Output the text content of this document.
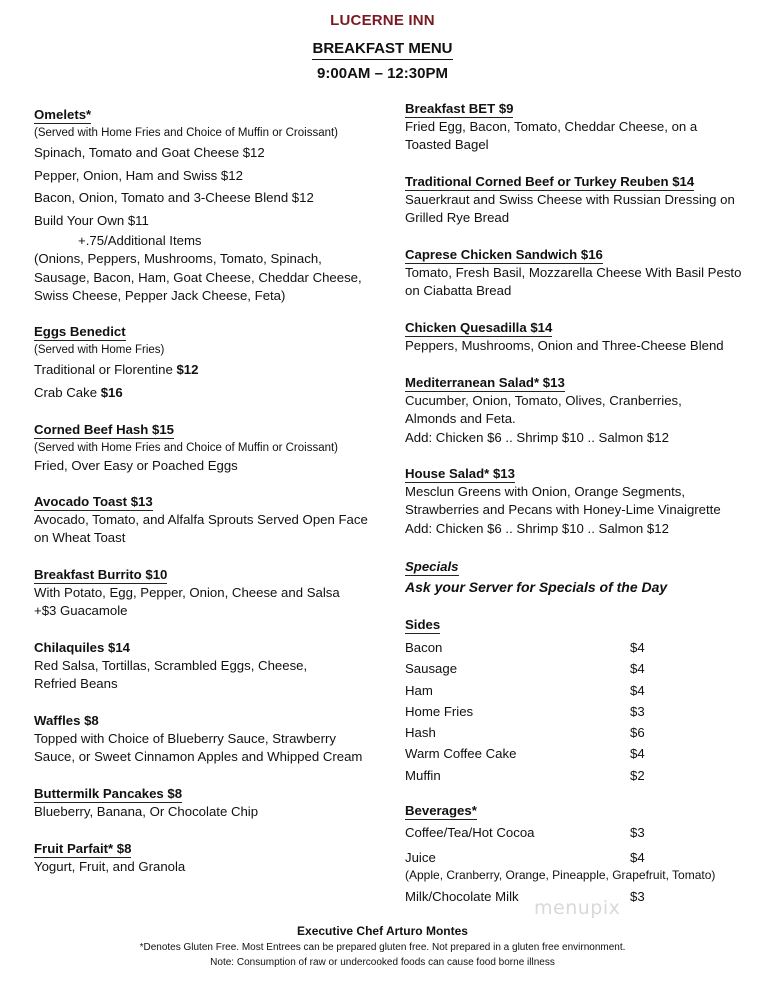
LUCERNE INN
BREAKFAST MENU
9:00AM – 12:30PM
Omelets*
(Served with Home Fries and Choice of Muffin or Croissant)
Spinach, Tomato and Goat Cheese $12
Pepper, Onion, Ham and Swiss $12
Bacon, Onion, Tomato and 3-Cheese Blend $12
Build Your Own $11
+.75/Additional Items
(Onions, Peppers, Mushrooms, Tomato, Spinach,
Sausage, Bacon, Ham, Goat Cheese, Cheddar Cheese,
Swiss Cheese, Pepper Jack Cheese, Feta)
Eggs Benedict
(Served with Home Fries)
Traditional or Florentine $12
Crab Cake $16
Corned Beef Hash $15
(Served with Home Fries and Choice of Muffin or Croissant)
Fried, Over Easy or Poached Eggs
Avocado Toast $13
Avocado, Tomato, and Alfalfa Sprouts Served Open Face
on Wheat Toast
Breakfast Burrito $10
With Potato, Egg, Pepper, Onion, Cheese and Salsa
+$3 Guacamole
Chilaquiles $14
Red Salsa, Tortillas, Scrambled Eggs, Cheese,
Refried Beans
Waffles $8
Topped with Choice of Blueberry Sauce, Strawberry
Sauce, or Sweet Cinnamon Apples and Whipped Cream
Buttermilk Pancakes $8
Blueberry, Banana, Or Chocolate Chip
Fruit Parfait* $8
Yogurt, Fruit, and Granola
Breakfast BET $9
Fried Egg, Bacon, Tomato, Cheddar Cheese, on a
Toasted Bagel
Traditional Corned Beef or Turkey Reuben $14
Sauerkraut and Swiss Cheese with Russian Dressing on
Grilled Rye Bread
Caprese Chicken Sandwich $16
Tomato, Fresh Basil, Mozzarella Cheese With Basil Pesto
on Ciabatta Bread
Chicken Quesadilla $14
Peppers, Mushrooms, Onion and Three-Cheese Blend
Mediterranean Salad* $13
Cucumber, Onion, Tomato, Olives, Cranberries,
Almonds and Feta.
Add: Chicken $6 .. Shrimp $10 .. Salmon $12
House Salad* $13
Mesclun Greens with Onion, Orange Segments,
Strawberries and Pecans with Honey-Lime Vinaigrette
Add: Chicken $6 .. Shrimp $10 .. Salmon $12
Specials
Ask your Server for Specials of the Day
Sides
Bacon	$4
Sausage	$4
Ham	$4
Home Fries	$3
Hash	$6
Warm Coffee Cake	$4
Muffin	$2
Beverages*
Coffee/Tea/Hot Cocoa	$3
Juice	$4
(Apple, Cranberry, Orange, Pineapple, Grapefruit, Tomato)
Milk/Chocolate Milk	$3
menupix
Executive Chef Arturo Montes
*Denotes Gluten Free. Most Entrees can be prepared gluten free. Not prepared in a gluten free envirnonment.
Note: Consumption of raw or undercooked foods can cause food borne illness
